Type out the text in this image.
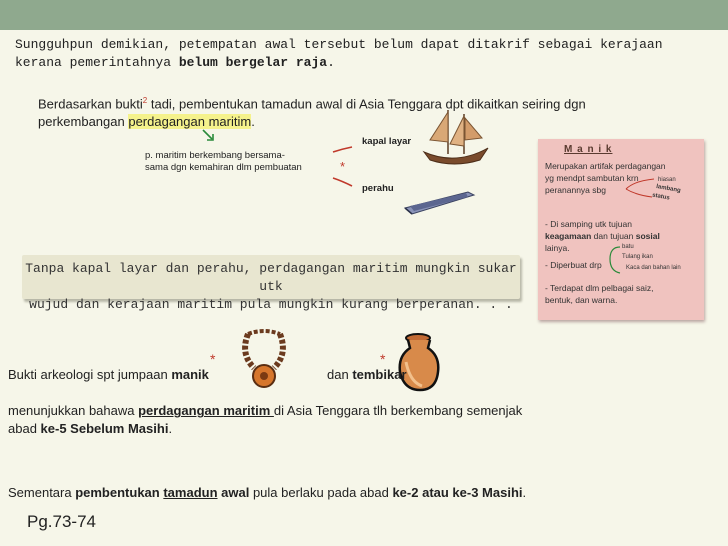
Sungguhpun demikian, petempatan awal tersebut belum dapat ditakrif sebagai kerajaan
kerana pemerintahnya belum bergelar raja.
Berdasarkan bukti$^2$ tadi, pembentukan tamadun awal di Asia Tenggara dpt dikaitkan seiring dgn
perkembangan perdagangan maritim.
p. maritim berkembang bersama-
sama dgn kemahiran dlm pembuatan	*
kapal layar
perahu
Tanpa kapal layar dan perahu, perdagangan maritim mungkin sukar utk
wujud dan kerajaan maritim pula mungkin kurang berperanan. . .
M a n i k
Merupakan artifak perdagangan
yg mendpt sambutan krn
peranannya sbg
hiasan
lambang
status
- Di samping utk tujuan
keagamaan dan tujuan sosial
lainya.	batu
Tulang ikan
Kaca dan bahan lain
- Diperbuat drp
- Terdapat dlm pelbagai saiz,
bentuk, dan warna.
*	*
Bukti arkeologi spt jumpaan manik	dan tembikar
menunjukkan bahawa perdagangan maritim di Asia Tenggara tlh berkembang semenjak
abad ke-5 Sebelum Masihi.
Sementara pembentukan tamadun awal pula berlaku pada abad ke-2 atau ke-3 Masihi.
Pg.73-74
